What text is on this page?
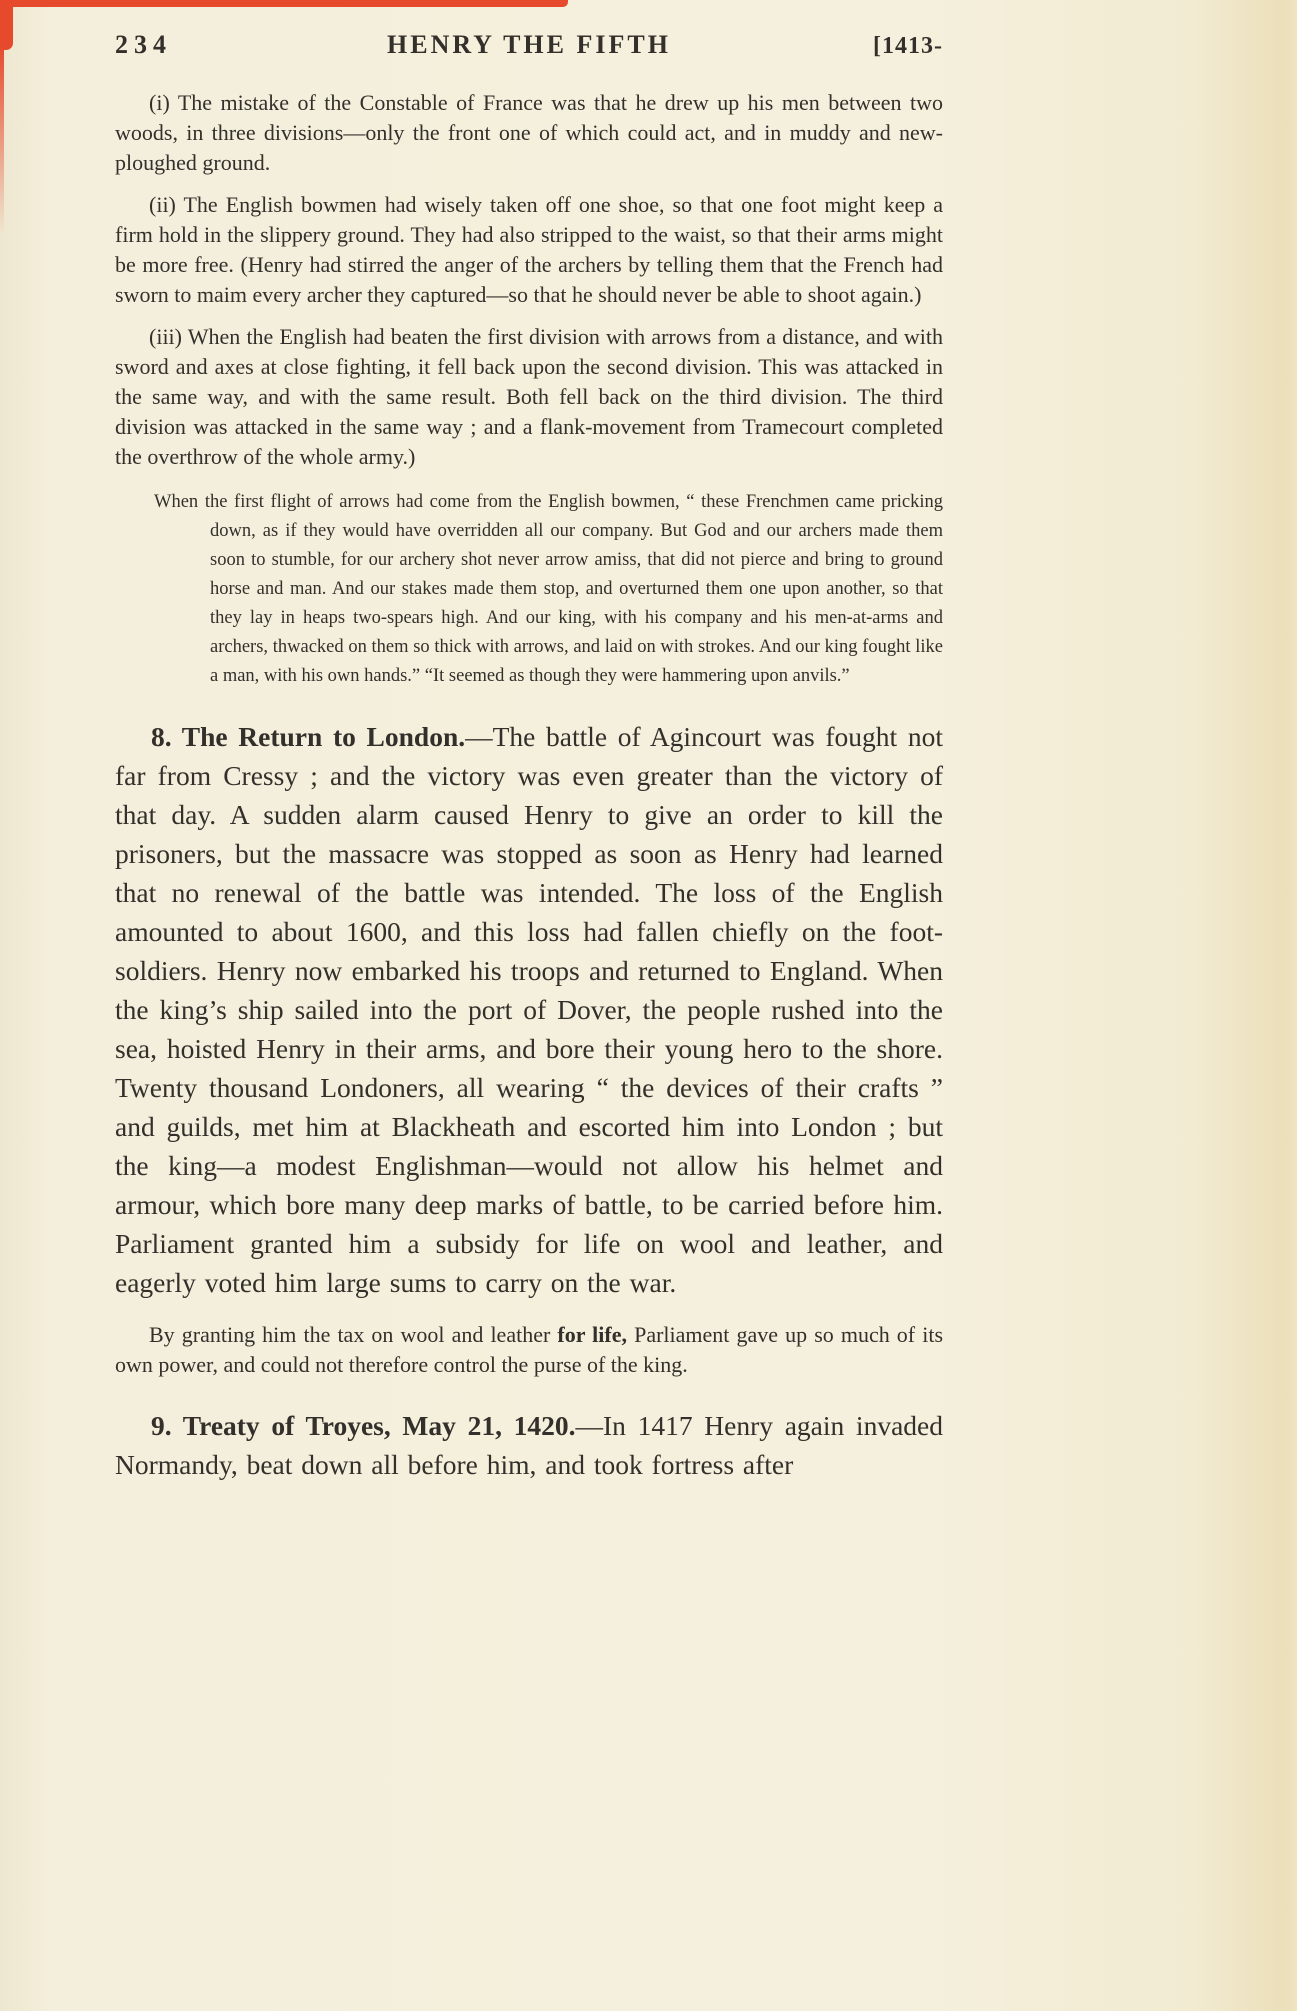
234	HENRY THE FIFTH	[1413-

(i) The mistake of the Constable of France was that he drew up his men between two woods, in three divisions—only the front one of which could act, and in muddy and new-ploughed ground.

(ii) The English bowmen had wisely taken off one shoe, so that one foot might keep a firm hold in the slippery ground. They had also stripped to the waist, so that their arms might be more free. (Henry had stirred the anger of the archers by telling them that the French had sworn to maim every archer they captured—so that he should never be able to shoot again.)

(iii) When the English had beaten the first division with arrows from a distance, and with sword and axes at close fighting, it fell back upon the second division. This was attacked in the same way, and with the same result. Both fell back on the third division. The third division was attacked in the same way ; and a flank-movement from Tramecourt completed the overthrow of the whole army.)

When the first flight of arrows had come from the English bowmen, “ these Frenchmen came pricking down, as if they would have overridden all our company. But God and our archers made them soon to stumble, for our archery shot never arrow amiss, that did not pierce and bring to ground horse and man. And our stakes made them stop, and overturned them one upon another, so that they lay in heaps two-spears high. And our king, with his company and his men-at-arms and archers, thwacked on them so thick with arrows, and laid on with strokes. And our king fought like a man, with his own hands.” “It seemed as though they were hammering upon anvils.”

8. The Return to London.—The battle of Agincourt was fought not far from Cressy ; and the victory was even greater than the victory of that day. A sudden alarm caused Henry to give an order to kill the prisoners, but the massacre was stopped as soon as Henry had learned that no renewal of the battle was intended. The loss of the English amounted to about 1600, and this loss had fallen chiefly on the foot-soldiers. Henry now embarked his troops and returned to England. When the king’s ship sailed into the port of Dover, the people rushed into the sea, hoisted Henry in their arms, and bore their young hero to the shore. Twenty thousand Londoners, all wearing “ the devices of their crafts ” and guilds, met him at Blackheath and escorted him into London ; but the king—a modest Englishman—would not allow his helmet and armour, which bore many deep marks of battle, to be carried before him. Parliament granted him a subsidy for life on wool and leather, and eagerly voted him large sums to carry on the war.

By granting him the tax on wool and leather for life, Parliament gave up so much of its own power, and could not therefore control the purse of the king.

9. Treaty of Troyes, May 21, 1420.—In 1417 Henry again invaded Normandy, beat down all before him, and took fortress after
